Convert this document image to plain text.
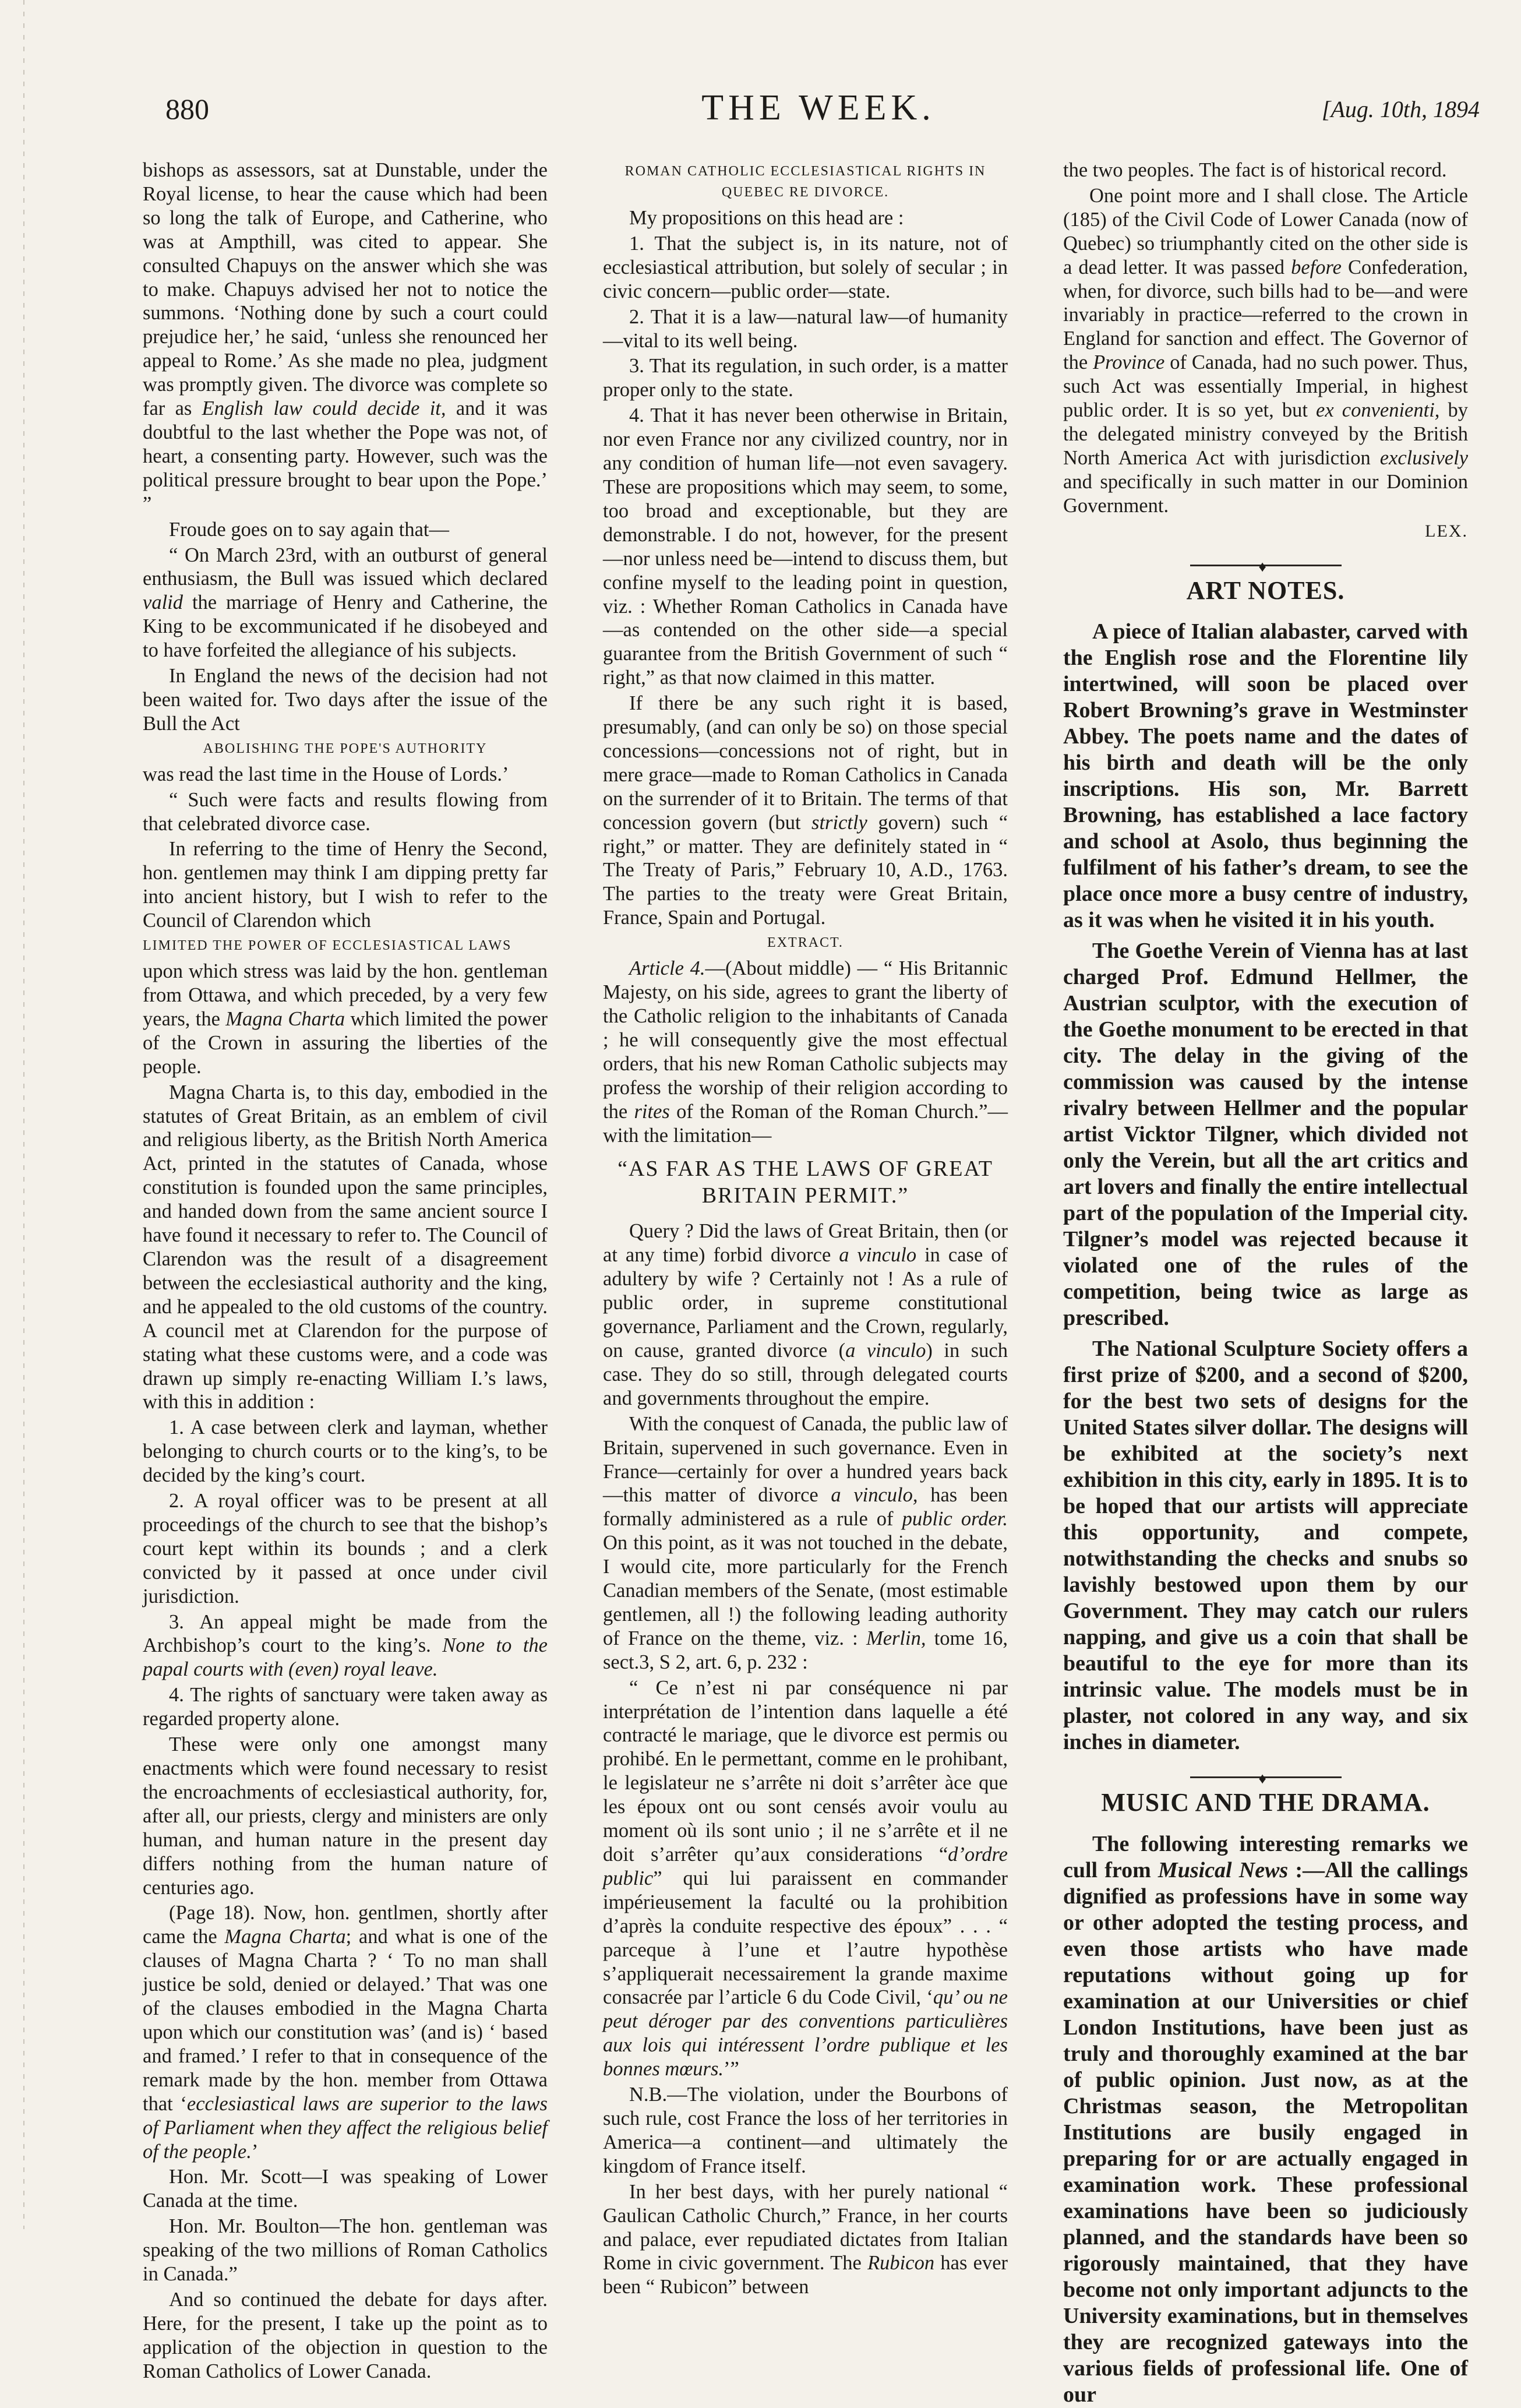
880	THE WEEK.	[Aug. 10th, 1894

bishops as assessors, sat at Dunstable, under the Royal license, to hear the cause which had been so long the talk of Europe, and Catherine, who was at Ampthill, was cited to appear. She consulted Chapuys on the answer which she was to make. Chapuys advised her not to notice the summons. ‘Nothing done by such a court could prejudice her,’ he said, ‘unless she renounced her appeal to Rome.’ As she made no plea, judgment was promptly given. The divorce was complete so far as English law could decide it, and it was doubtful to the last whether the Pope was not, of heart, a consenting party. However, such was the political pressure brought to bear upon the Pope.’ ”

Froude goes on to say again that—

“ On March 23rd, with an outburst of general enthusiasm, the Bull was issued which declared valid the marriage of Henry and Catherine, the King to be excommunicated if he disobeyed and to have forfeited the allegiance of his subjects.

In England the news of the decision had not been waited for. Two days after the issue of the Bull the Act

ABOLISHING THE POPE'S AUTHORITY

was read the last time in the House of Lords.’

“ Such were facts and results flowing from that celebrated divorce case.

In referring to the time of Henry the Second, hon. gentlemen may think I am dipping pretty far into ancient history, but I wish to refer to the Council of Clarendon which

LIMITED THE POWER OF ECCLESIASTICAL LAWS

upon which stress was laid by the hon. gentleman from Ottawa, and which preceded, by a very few years, the Magna Charta which limited the power of the Crown in assuring the liberties of the people.

Magna Charta is, to this day, embodied in the statutes of Great Britain, as an emblem of civil and religious liberty, as the British North America Act, printed in the statutes of Canada, whose constitution is founded upon the same principles, and handed down from the same ancient source I have found it necessary to refer to. The Council of Clarendon was the result of a disagreement between the ecclesiastical authority and the king, and he appealed to the old customs of the country. A council met at Clarendon for the purpose of stating what these customs were, and a code was drawn up simply re-enacting William I.’s laws, with this in addition :

1. A case between clerk and layman, whether belonging to church courts or to the king’s, to be decided by the king’s court.

2. A royal officer was to be present at all proceedings of the church to see that the bishop’s court kept within its bounds ; and a clerk convicted by it passed at once under civil jurisdiction.

3. An appeal might be made from the Archbishop’s court to the king’s. None to the papal courts with (even) royal leave.

4. The rights of sanctuary were taken away as regarded property alone.

These were only one amongst many enactments which were found necessary to resist the encroachments of ecclesiastical authority, for, after all, our priests, clergy and ministers are only human, and human nature in the present day differs nothing from the human nature of centuries ago.

(Page 18). Now, hon. gentlmen, shortly after came the Magna Charta; and what is one of the clauses of Magna Charta ? ‘ To no man shall justice be sold, denied or delayed.’ That was one of the clauses embodied in the Magna Charta upon which our constitution was’ (and is) ‘ based and framed.’ I refer to that in consequence of the remark made by the hon. member from Ottawa that ‘ecclesiastical laws are superior to the laws of Parliament when they affect the religious belief of the people.’

Hon. Mr. Scott—I was speaking of Lower Canada at the time.

Hon. Mr. Boulton—The hon. gentleman was speaking of the two millions of Roman Catholics in Canada.”

And so continued the debate for days after. Here, for the present, I take up the point as to application of the objection in question to the Roman Catholics of Lower Canada.

ROMAN CATHOLIC ECCLESIASTICAL RIGHTS IN QUEBEC RE DIVORCE.

My propositions on this head are :

1. That the subject is, in its nature, not of ecclesiastical attribution, but solely of secular ; in civic concern—public order—state.

2. That it is a law—natural law—of humanity—vital to its well being.

3. That its regulation, in such order, is a matter proper only to the state.

4. That it has never been otherwise in Britain, nor even France nor any civilized country, nor in any condition of human life—not even savagery. These are propositions which may seem, to some, too broad and exceptionable, but they are demonstrable. I do not, however, for the present—nor unless need be—intend to discuss them, but confine myself to the leading point in question, viz. : Whether Roman Catholics in Canada have—as contended on the other side—a special guarantee from the British Government of such “ right,” as that now claimed in this matter.

If there be any such right it is based, presumably, (and can only be so) on those special concessions—concessions not of right, but in mere grace—made to Roman Catholics in Canada on the surrender of it to Britain. The terms of that concession govern (but strictly govern) such “ right,” or matter. They are definitely stated in “ The Treaty of Paris,” February 10, A.D., 1763. The parties to the treaty were Great Britain, France, Spain and Portugal.

EXTRACT.

Article 4.—(About middle) — “ His Britannic Majesty, on his side, agrees to grant the liberty of the Catholic religion to the inhabitants of Canada ; he will consequently give the most effectual orders, that his new Roman Catholic subjects may profess the worship of their religion according to the rites of the Roman of the Roman Church.”—with the limitation—

“AS FAR AS THE LAWS OF GREAT BRITAIN PERMIT.”

Query ? Did the laws of Great Britain, then (or at any time) forbid divorce a vinculo in case of adultery by wife ? Certainly not ! As a rule of public order, in supreme constitutional governance, Parliament and the Crown, regularly, on cause, granted divorce (a vinculo) in such case. They do so still, through delegated courts and governments throughout the empire.

With the conquest of Canada, the public law of Britain, supervened in such governance. Even in France—certainly for over a hundred years back—this matter of divorce a vinculo, has been formally administered as a rule of public order. On this point, as it was not touched in the debate, I would cite, more particularly for the French Canadian members of the Senate, (most estimable gentlemen, all !) the following leading authority of France on the theme, viz. : Merlin, tome 16, sect.3, S 2, art. 6, p. 232 :

“ Ce n’est ni par conséquence ni par interprétation de l’intention dans laquelle a été contracté le mariage, que le divorce est permis ou prohibé. En le permettant, comme en le prohibant, le legislateur ne s’arrête ni doit s’arrêter àce que les époux ont ou sont censés avoir voulu au moment où ils sont unio ; il ne s’arrête et il ne doit s’arrêter qu’aux considerations “d’ordre public” qui lui paraissent en commander impérieusement la faculté ou la prohibition d’après la conduite respective des époux” . . . “ parceque à l’une et l’autre hypothèse s’appliquerait necessairement la grande maxime consacrée par l’article 6 du Code Civil, ‘qu’ ou ne peut déroger par des conventions particulières aux lois qui intéressent l’ordre publique et les bonnes mœurs.’”

N.B.—The violation, under the Bourbons of such rule, cost France the loss of her territories in America—a continent—and ultimately the kingdom of France itself.

In her best days, with her purely national “ Gaulican Catholic Church,” France, in her courts and palace, ever repudiated dictates from Italian Rome in civic government. The Rubicon has ever been “ Rubicon” between

the two peoples. The fact is of historical record.

One point more and I shall close. The Article (185) of the Civil Code of Lower Canada (now of Quebec) so triumphantly cited on the other side is a dead letter. It was passed before Confederation, when, for divorce, such bills had to be—and were invariably in practice—referred to the crown in England for sanction and effect. The Governor of the Province of Canada, had no such power. Thus, such Act was essentially Imperial, in highest public order. It is so yet, but ex convenienti, by the delegated ministry conveyed by the British North America Act with jurisdiction exclusively and specifically in such matter in our Dominion Government.

LEX.
♦
ART NOTES.

A piece of Italian alabaster, carved with the English rose and the Florentine lily intertwined, will soon be placed over Robert Browning’s grave in Westminster Abbey. The poets name and the dates of his birth and death will be the only inscriptions. His son, Mr. Barrett Browning, has established a lace factory and school at Asolo, thus beginning the fulfilment of his father’s dream, to see the place once more a busy centre of industry, as it was when he visited it in his youth.

The Goethe Verein of Vienna has at last charged Prof. Edmund Hellmer, the Austrian sculptor, with the execution of the Goethe monument to be erected in that city. The delay in the giving of the commission was caused by the intense rivalry between Hellmer and the popular artist Vicktor Tilgner, which divided not only the Verein, but all the art critics and art lovers and finally the entire intellectual part of the population of the Imperial city. Tilgner’s model was rejected because it violated one of the rules of the competition, being twice as large as prescribed.

The National Sculpture Society offers a first prize of $200, and a second of $200, for the best two sets of designs for the United States silver dollar. The designs will be exhibited at the society’s next exhibition in this city, early in 1895. It is to be hoped that our artists will appreciate this opportunity, and compete, notwithstanding the checks and snubs so lavishly bestowed upon them by our Government. They may catch our rulers napping, and give us a coin that shall be beautiful to the eye for more than its intrinsic value. The models must be in plaster, not colored in any way, and six inches in diameter.

♦
MUSIC AND THE DRAMA.

The following interesting remarks we cull from Musical News :—All the callings dignified as professions have in some way or other adopted the testing process, and even those artists who have made reputations without going up for examination at our Universities or chief London Institutions, have been just as truly and thoroughly examined at the bar of public opinion. Just now, as at the Christmas season, the Metropolitan Institutions are busily engaged in preparing for or are actually engaged in examination work. These professional examinations have been so judiciously planned, and the standards have been so rigorously maintained, that they have become not only important adjuncts to the University examinations, but in themselves they are recognized gateways into the various fields of professional life. One of our
